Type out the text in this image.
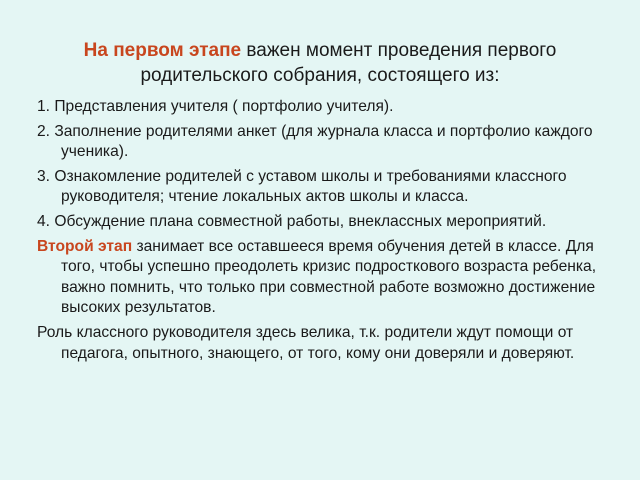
На первом этапе важен момент проведения первого родительского собрания, состоящего из:

1. Представления учителя ( портфолио учителя).

2. Заполнение родителями анкет (для журнала класса и портфолио каждого ученика).

3. Ознакомление родителей с уставом школы и требованиями классного руководителя; чтение локальных актов школы и класса.

4. Обсуждение плана совместной работы, внеклассных мероприятий.

Второй этап занимает все оставшееся время обучения детей в классе. Для того, чтобы успешно преодолеть кризис подросткового возраста ребенка, важно помнить, что только при совместной работе возможно достижение высоких результатов.

Роль классного руководителя здесь велика, т.к. родители ждут помощи от педагога, опытного, знающего, от того, кому они доверяли и доверяют.
